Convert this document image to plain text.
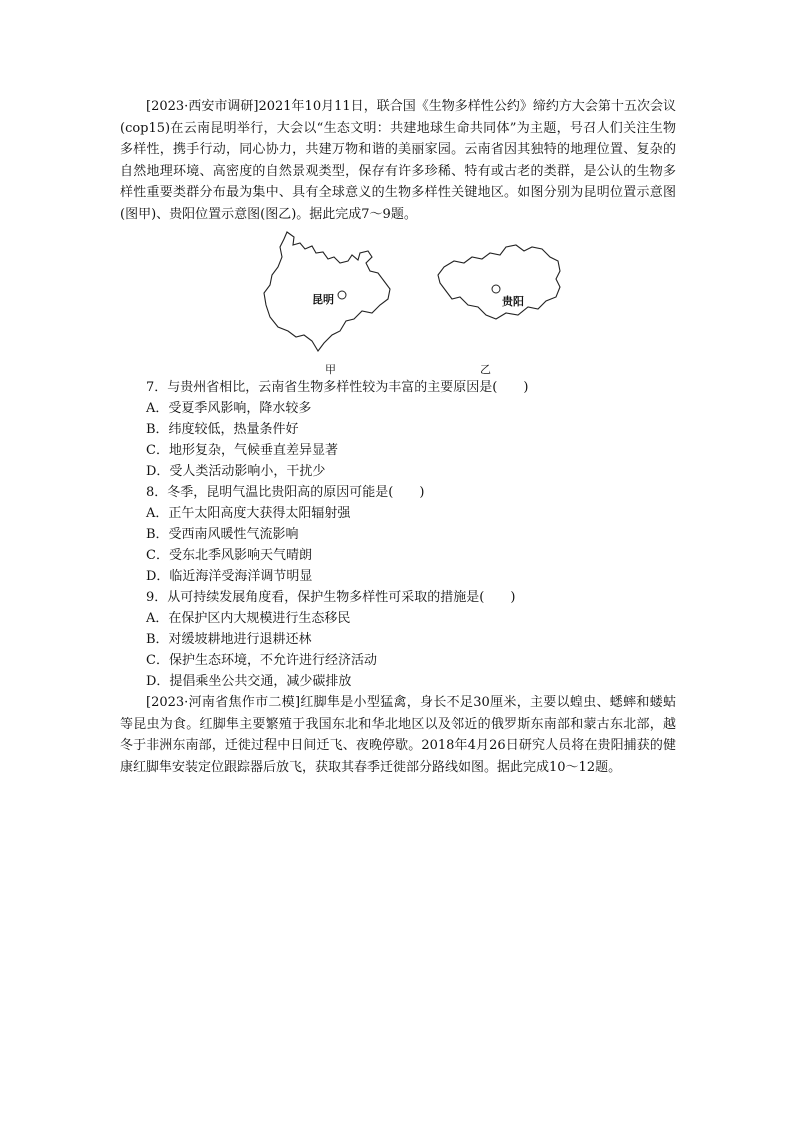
[2023·西安市调研]2021年10月11日，联合国《生物多样性公约》缔约方大会第十五次会议(cop15)在云南昆明举行，大会以“生态文明：共建地球生命共同体”为主题，号召人们关注生物多样性，携手行动，同心协力，共建万物和谐的美丽家园。云南省因其独特的地理位置、复杂的自然地理环境、高密度的自然景观类型，保存有许多珍稀、特有或古老的类群，是公认的生物多样性重要类群分布最为集中、具有全球意义的生物多样性关键地区。如图分别为昆明位置示意图(图甲)、贵阳位置示意图(图乙)。据此完成7～9题。

昆明	贵阳
甲	乙

7．与贵州省相比，云南省生物多样性较为丰富的主要原因是(　　)

A．受夏季风影响，降水较多

B．纬度较低，热量条件好

C．地形复杂，气候垂直差异显著

D．受人类活动影响小，干扰少

8．冬季，昆明气温比贵阳高的原因可能是(　　)

A．正午太阳高度大获得太阳辐射强

B．受西南风暖性气流影响

C．受东北季风影响天气晴朗

D．临近海洋受海洋调节明显

9．从可持续发展角度看，保护生物多样性可采取的措施是(　　)

A．在保护区内大规模进行生态移民

B．对缓坡耕地进行退耕还林

C．保护生态环境，不允许进行经济活动

D．提倡乘坐公共交通，减少碳排放

[2023·河南省焦作市二模]红脚隼是小型猛禽，身长不足30厘米，主要以蝗虫、蟋蟀和蝼蛄等昆虫为食。红脚隼主要繁殖于我国东北和华北地区以及邻近的俄罗斯东南部和蒙古东北部，越冬于非洲东南部，迁徙过程中日间迁飞、夜晚停歇。2018年4月26日研究人员将在贵阳捕获的健康红脚隼安装定位跟踪器后放飞，获取其春季迁徙部分路线如图。据此完成10～12题。
